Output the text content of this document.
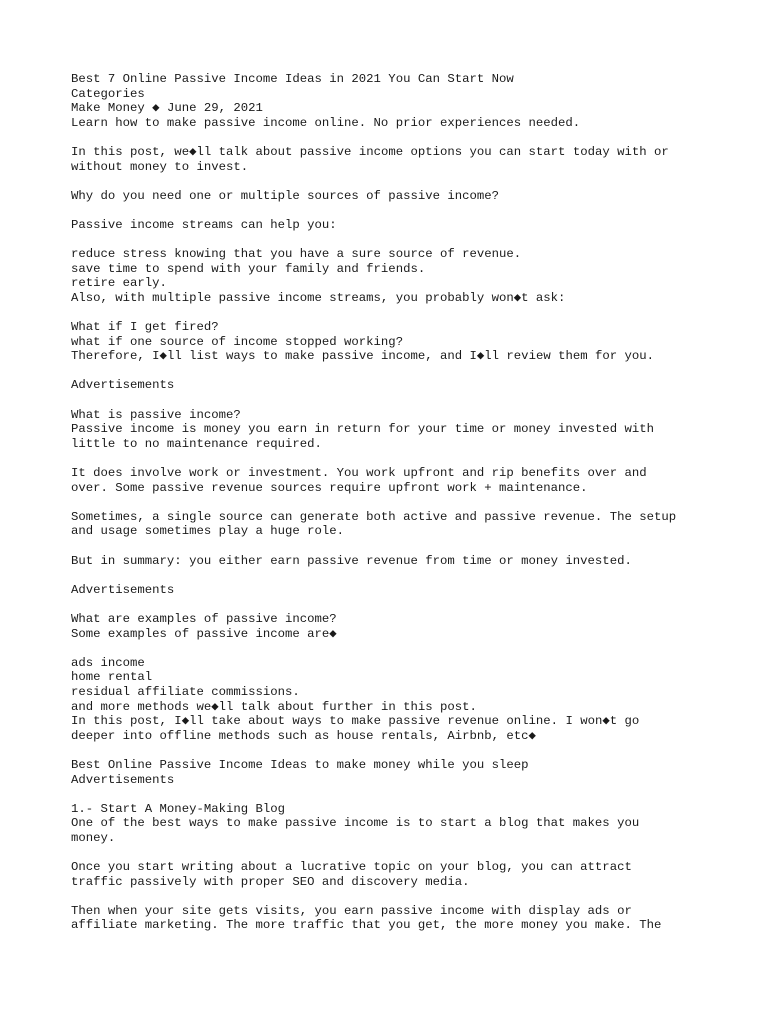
Best 7 Online Passive Income Ideas in 2021 You Can Start Now
Categories
Make Money ◆ June 29, 2021
Learn how to make passive income online. No prior experiences needed.
In this post, we◆ll talk about passive income options you can start today with or
without money to invest.
Why do you need one or multiple sources of passive income?
Passive income streams can help you:
reduce stress knowing that you have a sure source of revenue.
save time to spend with your family and friends.
retire early.
Also, with multiple passive income streams, you probably won◆t ask:
What if I get fired?
what if one source of income stopped working?
Therefore, I◆ll list ways to make passive income, and I◆ll review them for you.
Advertisements
What is passive income?
Passive income is money you earn in return for your time or money invested with
little to no maintenance required.
It does involve work or investment. You work upfront and rip benefits over and
over. Some passive revenue sources require upfront work + maintenance.
Sometimes, a single source can generate both active and passive revenue. The setup
and usage sometimes play a huge role.
But in summary: you either earn passive revenue from time or money invested.
Advertisements
What are examples of passive income?
Some examples of passive income are◆
ads income
home rental
residual affiliate commissions.
and more methods we◆ll talk about further in this post.
In this post, I◆ll take about ways to make passive revenue online. I won◆t go
deeper into offline methods such as house rentals, Airbnb, etc◆
Best Online Passive Income Ideas to make money while you sleep
Advertisements
1.- Start A Money-Making Blog
One of the best ways to make passive income is to start a blog that makes you
money.
Once you start writing about a lucrative topic on your blog, you can attract
traffic passively with proper SEO and discovery media.
Then when your site gets visits, you earn passive income with display ads or
affiliate marketing. The more traffic that you get, the more money you make. The
